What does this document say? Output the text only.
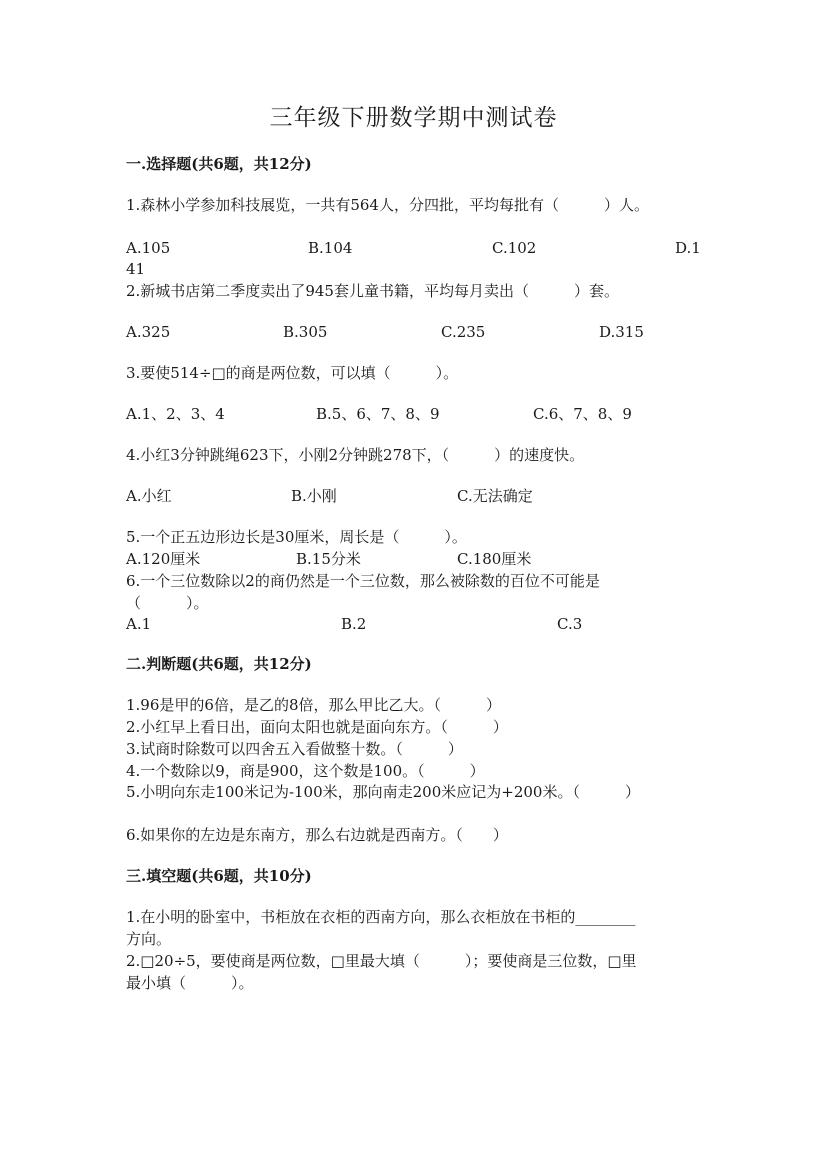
三年级下册数学期中测试卷
一.选择题(共6题，共12分)
1.森林小学参加科技展览，一共有564人，分四批，平均每批有（　　　）人。
A.105	B.104	C.102	D.1
41
2.新城书店第二季度卖出了945套儿童书籍，平均每月卖出（　　　）套。
A.325	B.305	C.235	D.315
3.要使514÷□的商是两位数，可以填（　　　）。
A.1、2、3、4	B.5、6、7、8、9	C.6、7、8、9
4.小红3分钟跳绳623下，小刚2分钟跳278下，（　　　）的速度快。
A.小红	B.小刚	C.无法确定
5.一个正五边形边长是30厘米，周长是（　　　）。
A.120厘米	B.15分米	C.180厘米
6.一个三位数除以2的商仍然是一个三位数，那么被除数的百位不可能是
（　　　）。
A.1	B.2	C.3
二.判断题(共6题，共12分)
1.96是甲的6倍，是乙的8倍，那么甲比乙大。（　　　）
2.小红早上看日出，面向太阳也就是面向东方。（　　　）
3.试商时除数可以四舍五入看做整十数。（　　　）
4.一个数除以9，商是900，这个数是100。（　　　）
5.小明向东走100米记为-100米，那向南走200米应记为+200米。（　　　）
6.如果你的左边是东南方，那么右边就是西南方。（　　）
三.填空题(共6题，共10分)
1.在小明的卧室中，书柜放在衣柜的西南方向，那么衣柜放在书柜的________
方向。
2.□20÷5，要使商是两位数，□里最大填（　　　）；要使商是三位数，□里
最小填（　　　）。
